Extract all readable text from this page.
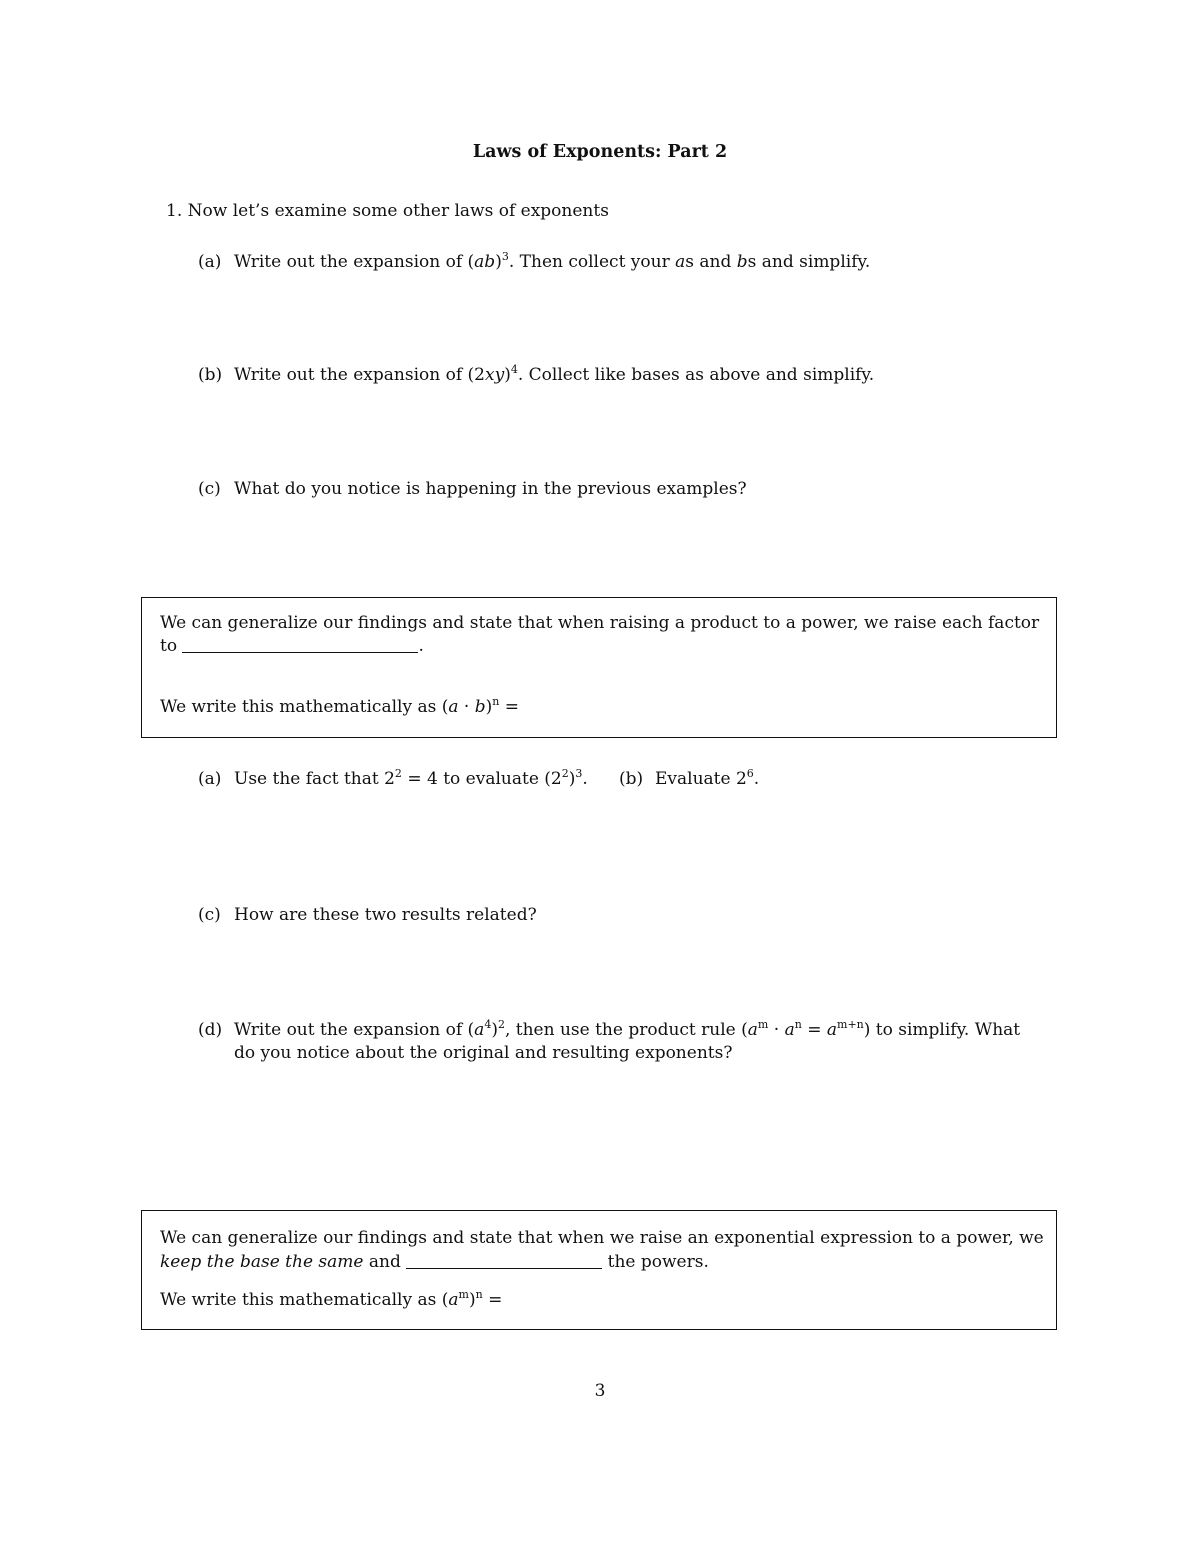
Laws of Exponents: Part 2
1. Now let’s examine some other laws of exponents
(a) Write out the expansion of (ab)$^3$. Then collect your as and bs and simplify.
(b) Write out the expansion of $(2xy)^4$. Collect like bases as above and simplify.
(c) What do you notice is happening in the previous examples?
We can generalize our findings and state that when raising a product to a power, we raise each factor
to	.
We write this mathematically as $(a \cdot b)^n$ =
(a) Use the fact that $2^2 = 4$ to evaluate $(2^2)^3$. (b) Evaluate $2^6$.
(c) How are these two results related?
(d) Write out the expansion of $(a^4)^2$, then use the product rule $(a^m \cdot a^n = a^{m+n})$ to simplify. What
do you notice about the original and resulting exponents?
We can generalize our findings and state that when we raise an exponential expression to a power, we
keep the base the same and	the powers.
We write this mathematically as $(a^m)^n$ =
3
